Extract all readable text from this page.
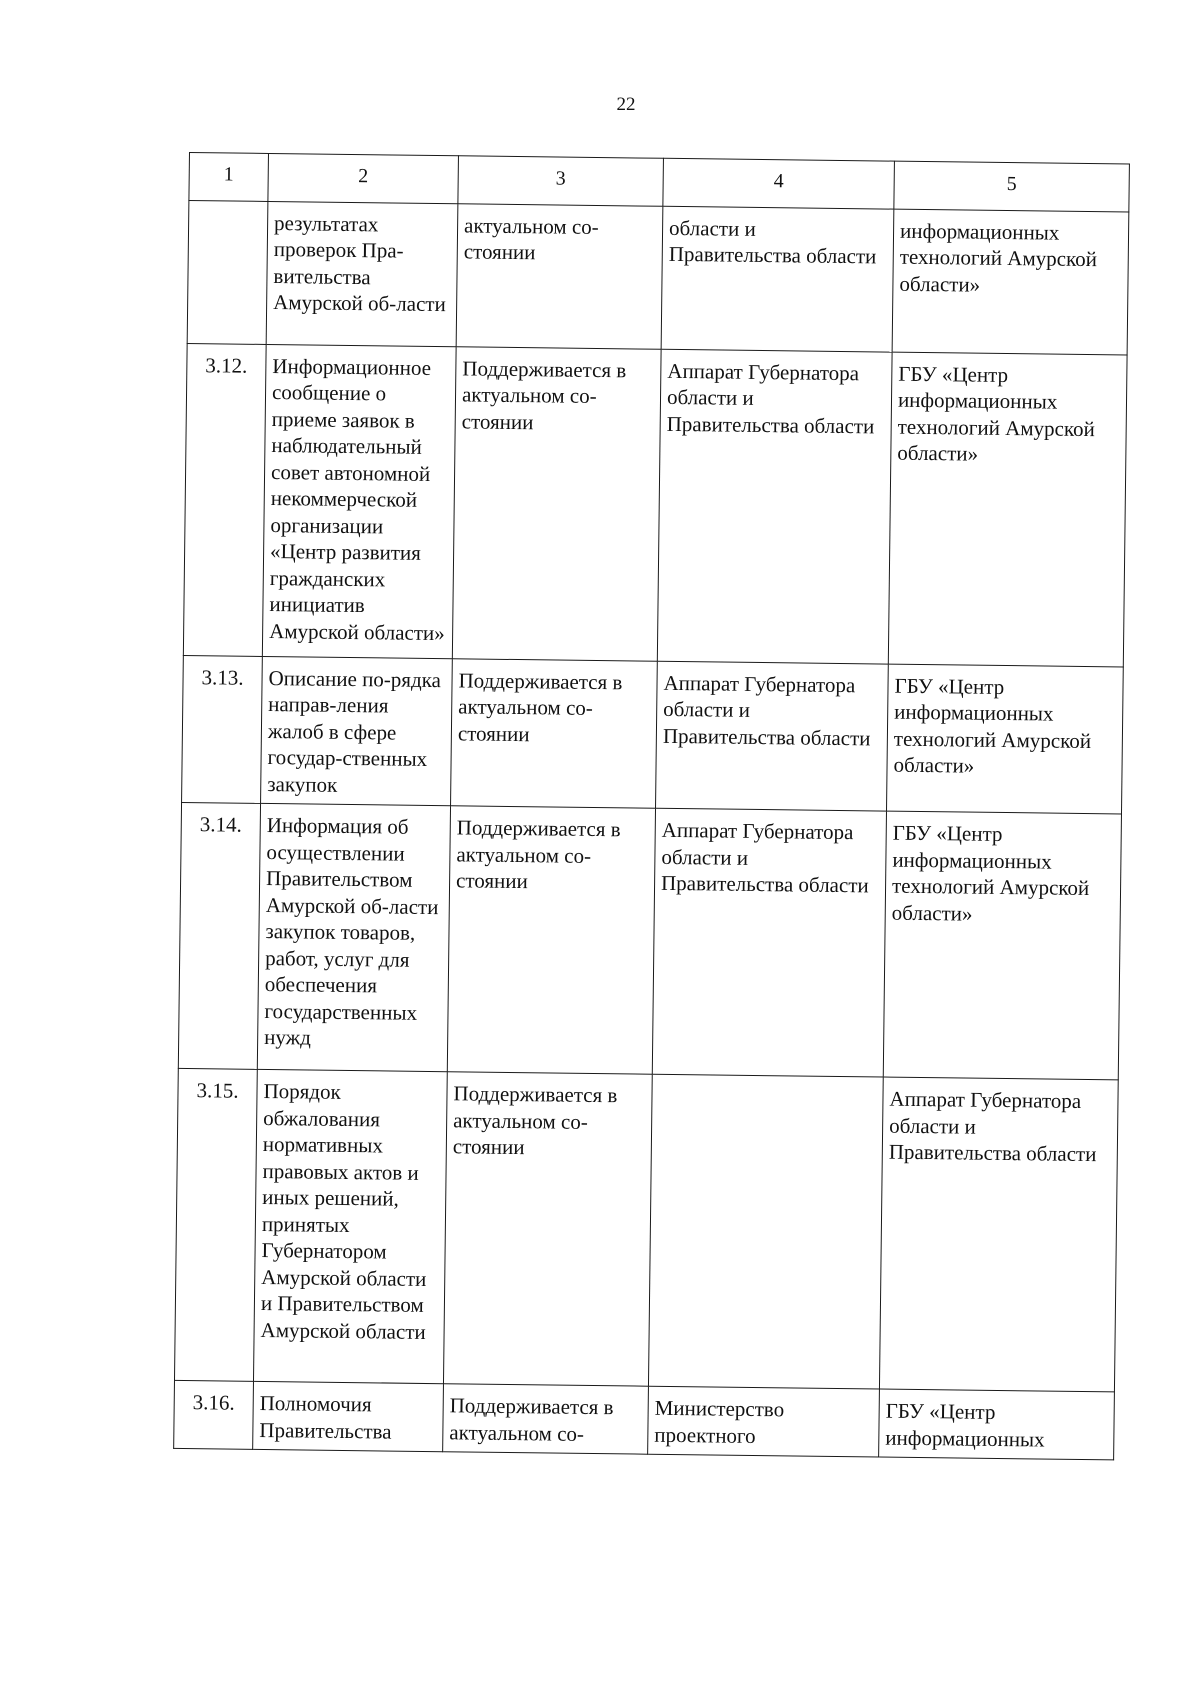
22
1	2	3	4	5
	результатах проверок Пра-вительства Амурской об-ласти	актуальном со-стоянии	области и Правительства области	информационных технологий Амурской области»
3.12.	Информационное сообщение о приеме заявок в наблюдательный совет автономной некоммерческой организации «Центр развития гражданских инициатив Амурской области»	Поддерживается в актуальном со-стоянии	Аппарат Губернатора области и Правительства области	ГБУ «Центр информационных технологий Амурской области»
3.13.	Описание по-рядка направ-ления жалоб в сфере государ-ственных закупок	Поддерживается в актуальном со-стоянии	Аппарат Губернатора области и Правительства области	ГБУ «Центр информационных технологий Амурской области»
3.14.	Информация об осуществлении Правительством Амурской об-ласти закупок товаров, работ, услуг для обеспечения государственных нужд	Поддерживается в актуальном со-стоянии	Аппарат Губернатора области и Правительства области	ГБУ «Центр информационных технологий Амурской области»
3.15.	Порядок обжалования нормативных правовых актов и иных решений, принятых Губернатором Амурской области и Правительством Амурской области	Поддерживается в актуальном со-стоянии		Аппарат Губернатора области и Правительства области
3.16.	Полномочия Правительства	Поддерживается в актуальном со-	Министерство проектного	ГБУ «Центр информационных
